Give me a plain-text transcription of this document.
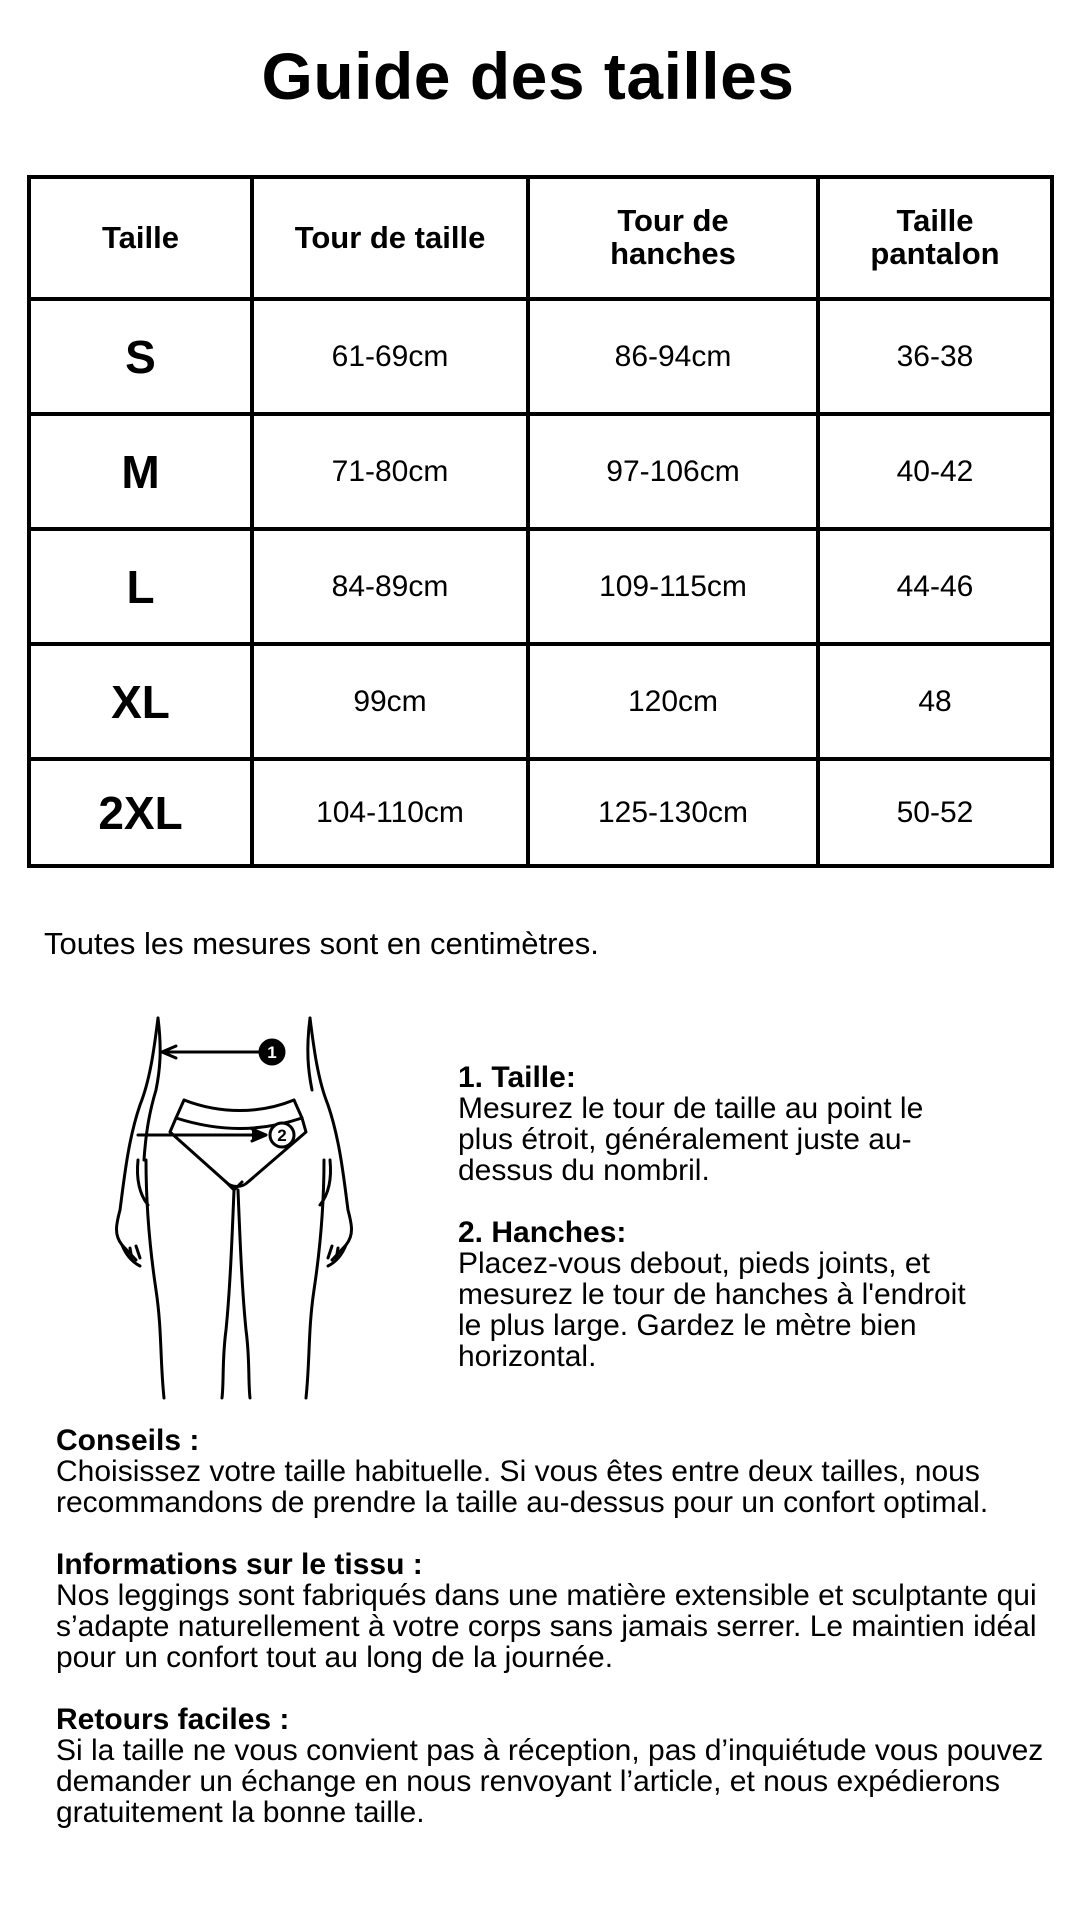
Guide des tailles
Taille	Tour de taille	Tour de hanches	Taille pantalon
S	61-69cm	86-94cm	36-38
M	71-80cm	97-106cm	40-42
L	84-89cm	109-115cm	44-46
XL	99cm	120cm	48
2XL	104-110cm	125-130cm	50-52

Toutes les mesures sont en centimètres.

1
2
1. Taille:
Mesurez le tour de taille au point le plus étroit, généralement juste au-dessus du nombril.
2. Hanches:
Placez-vous debout, pieds joints, et mesurez le tour de hanches à l'endroit le plus large. Gardez le mètre bien horizontal.
Conseils :
Choisissez votre taille habituelle. Si vous êtes entre deux tailles, nous recommandons de prendre la taille au-dessus pour un confort optimal.
Informations sur le tissu :
Nos leggings sont fabriqués dans une matière extensible et sculptante qui s’adapte naturellement à votre corps sans jamais serrer. Le maintien idéal pour un confort tout au long de la journée.
Retours faciles :
Si la taille ne vous convient pas à réception, pas d’inquiétude vous pouvez demander un échange en nous renvoyant l’article, et nous expédierons gratuitement la bonne taille.
